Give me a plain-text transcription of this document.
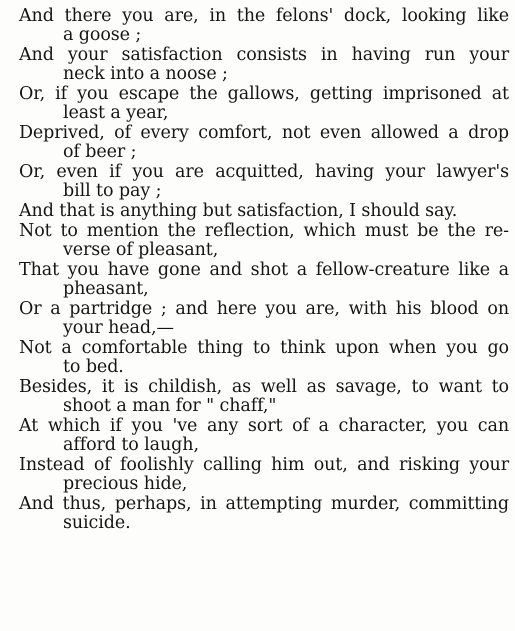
And there you are, in the felons' dock, looking like
a goose ;
And your satisfaction consists in having run your
neck into a noose ;
Or, if you escape the gallows, getting imprisoned at
least a year,
Deprived, of every comfort, not even allowed a drop
of beer ;
Or, even if you are acquitted, having your lawyer's
bill to pay ;
And that is anything but satisfaction, I should say.
Not to mention the reflection, which must be the re-
verse of pleasant,
That you have gone and shot a fellow-creature like a
pheasant,
Or a partridge ; and here you are, with his blood on
your head,—
Not a comfortable thing to think upon when you go
to bed.
Besides, it is childish, as well as savage, to want to
shoot a man for " chaff,"
At which if you 've any sort of a character, you can
afford to laugh,
Instead of foolishly calling him out, and risking your
precious hide,
And thus, perhaps, in attempting murder, committing
suicide.
